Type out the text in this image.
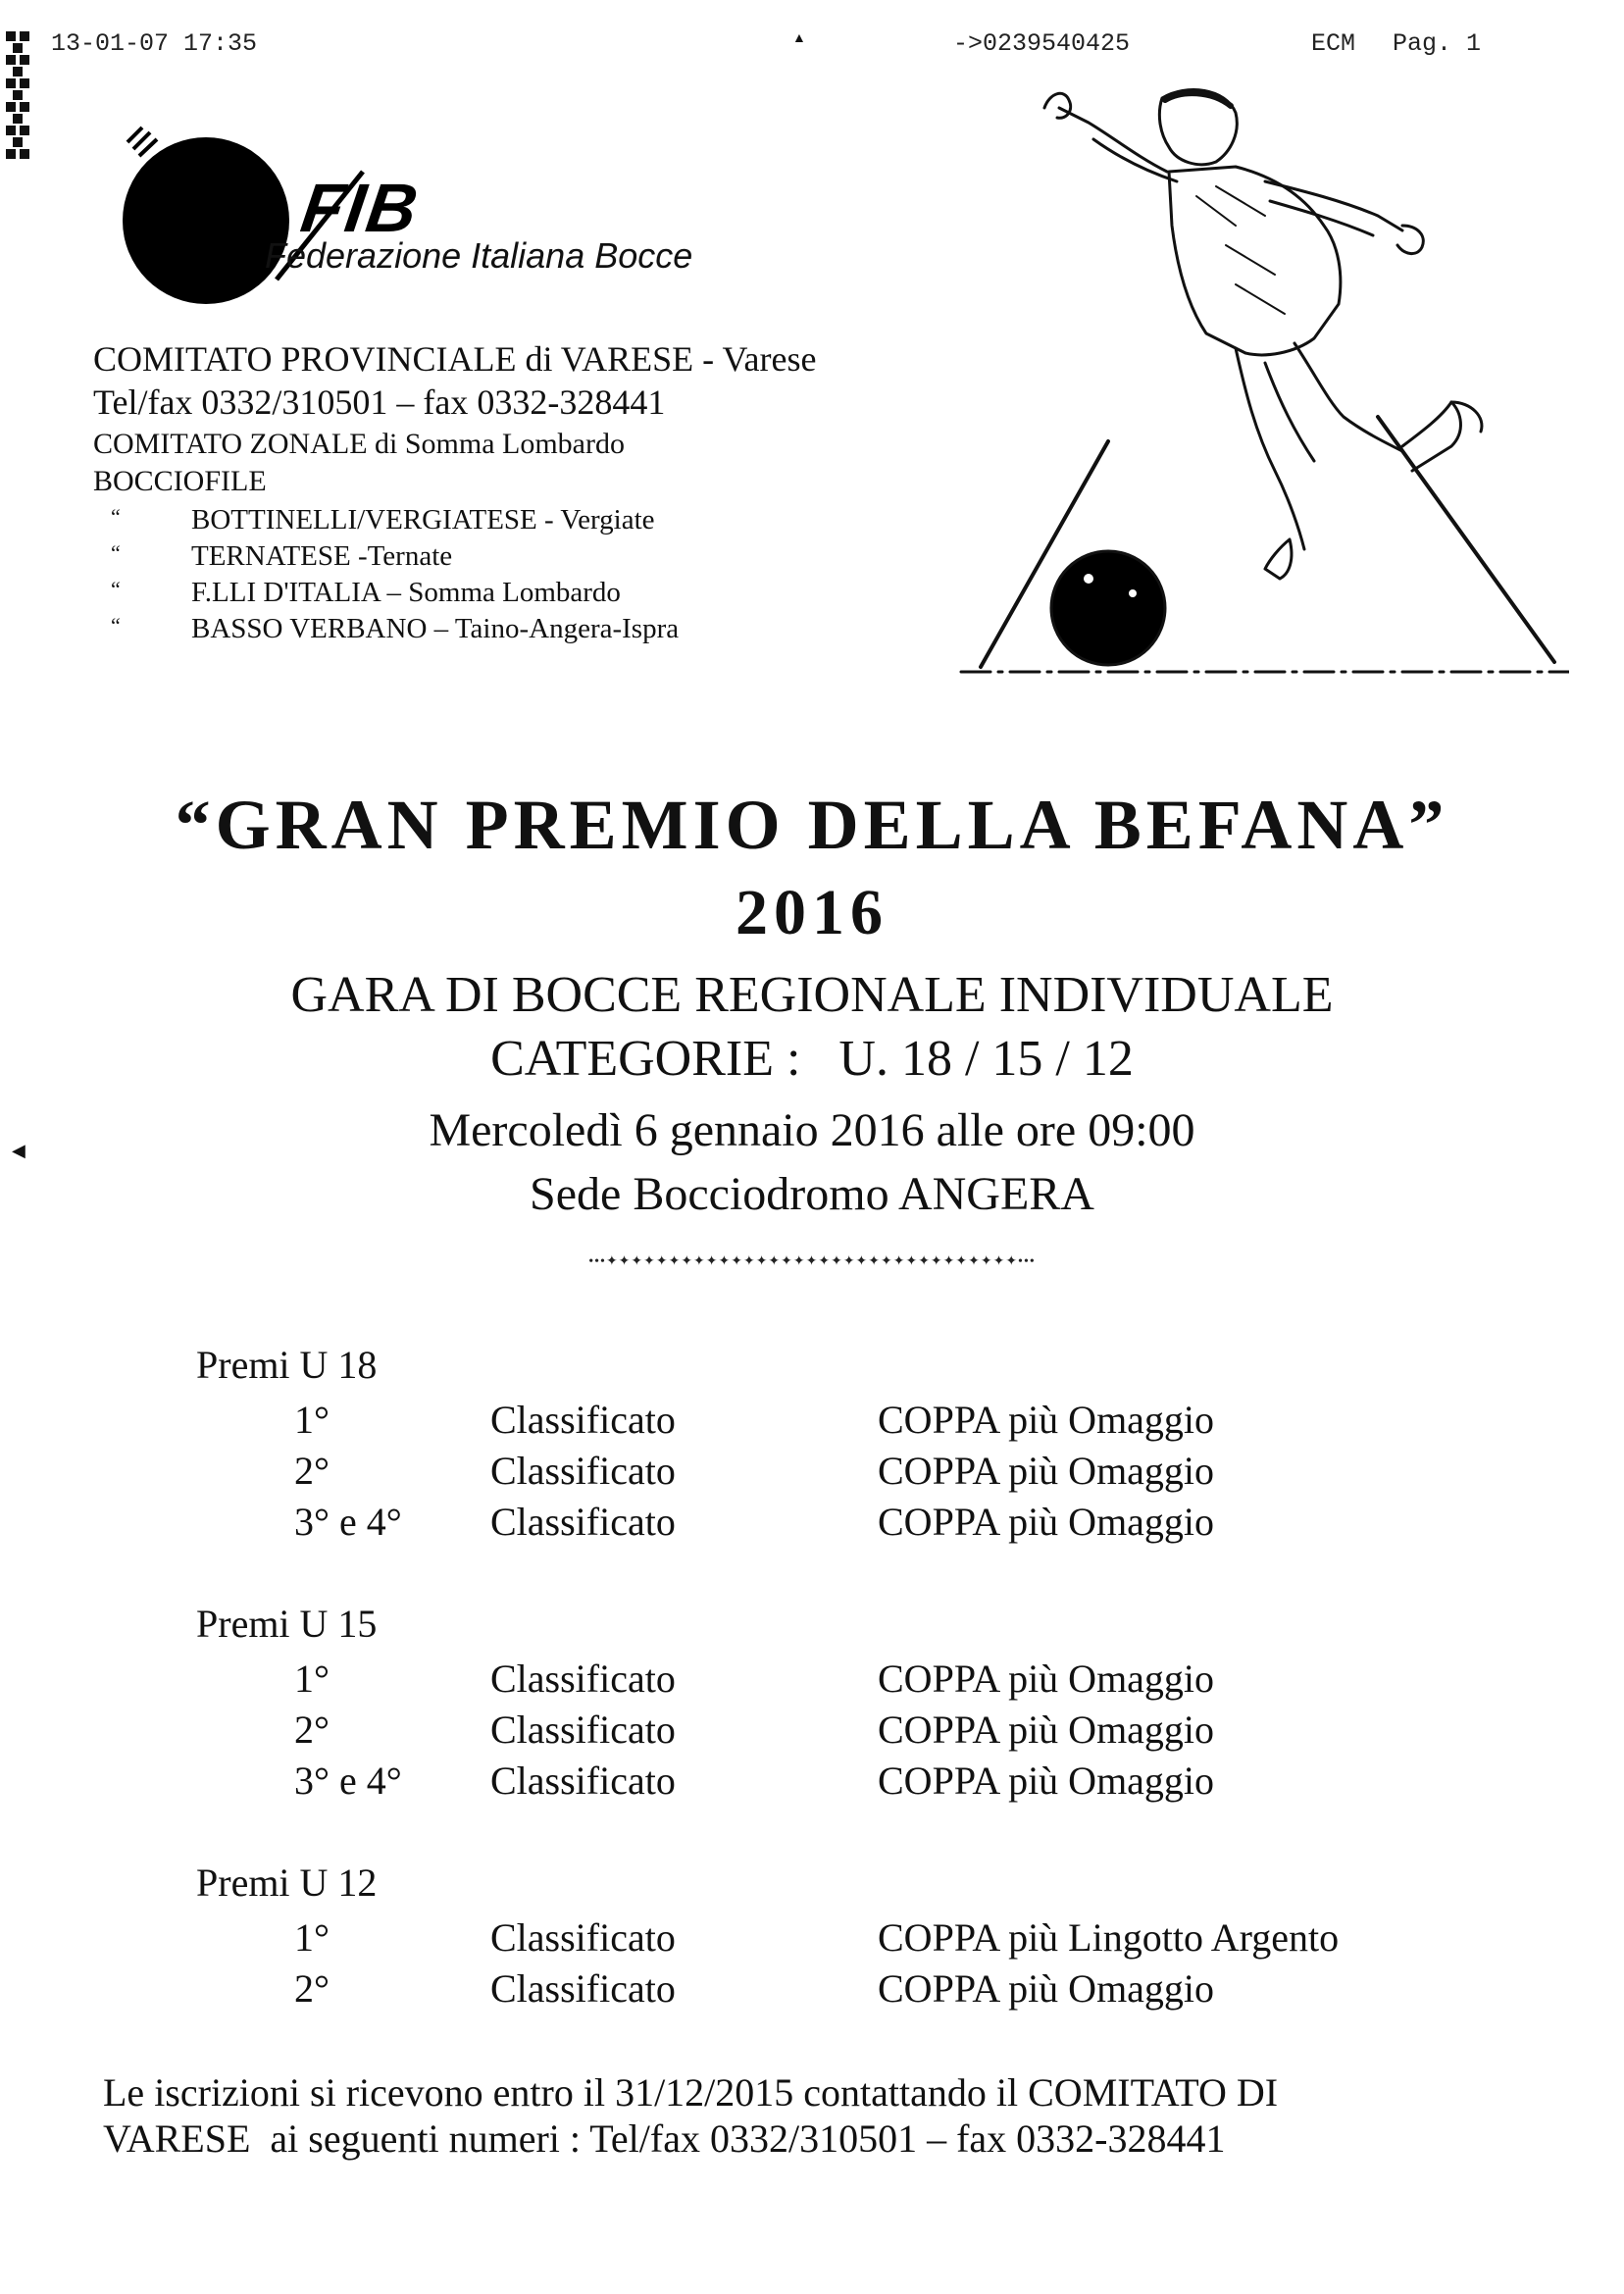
13-01-07 17:35	->0239540425	ECM Pag. 1
▲
FIB
Federazione Italiana Bocce
COMITATO PROVINCIALE di VARESE - Varese
Tel/fax 0332/310501 – fax 0332-328441
COMITATO ZONALE di Somma Lombardo
BOCCIOFILE
“ BOTTINELLI/VERGIATESE - Vergiate
“ TERNATESE -Ternate
“ F.LLI D'ITALIA – Somma Lombardo
“ BASSO VERBANO – Taino-Angera-Ispra
◀
“GRAN PREMIO DELLA BEFANA”
2016
GARA DI BOCCE REGIONALE INDIVIDUALE
CATEGORIE :   U. 18 / 15 / 12
Mercoledì 6 gennaio 2016 alle ore 09:00
Sede Bocciodromo ANGERA
•••✦✦✦✦✦✦✦✦✦✦✦✦✦✦✦✦✦✦✦✦✦✦✦✦✦✦✦✦✦✦✦✦✦•••
Premi U 18
1°	Classificato	COPPA più Omaggio
2°	Classificato	COPPA più Omaggio
3° e 4° Classificato	COPPA più Omaggio
Premi U 15
1°	Classificato	COPPA più Omaggio
2°	Classificato	COPPA più Omaggio
3° e 4° Classificato	COPPA più Omaggio
Premi U 12
1°	Classificato	COPPA più Lingotto Argento
2°	Classificato	COPPA più Omaggio
Le iscrizioni si ricevono entro il 31/12/2015 contattando il COMITATO DI
VARESE  ai seguenti numeri : Tel/fax 0332/310501 – fax 0332-328441
